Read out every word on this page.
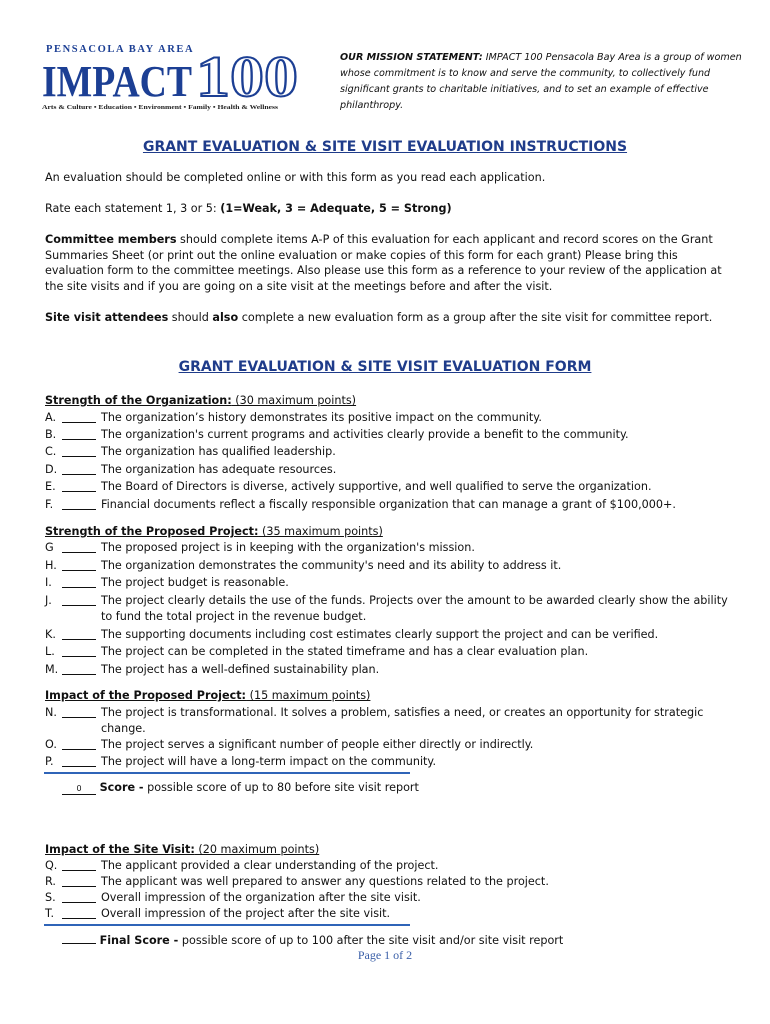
PENSACOLA BAY AREA
IMPACT 100
Arts & Culture • Education • Environment • Family • Health & Wellness
OUR MISSION STATEMENT: IMPACT 100 Pensacola Bay Area is a group of women whose commitment is to know and serve the community, to collectively fund significant grants to charitable initiatives, and to set an example of effective philanthropy.
GRANT EVALUATION & SITE VISIT EVALUATION INSTRUCTIONS
An evaluation should be completed online or with this form as you read each application.
Rate each statement 1, 3 or 5: (1=Weak, 3 = Adequate, 5 = Strong)
Committee members should complete items A-P of this evaluation for each applicant and record scores on the Grant Summaries Sheet (or print out the online evaluation or make copies of this form for each grant) Please bring this evaluation form to the committee meetings. Also please use this form as a reference to your review of the application at the site visits and if you are going on a site visit at the meetings before and after the visit.
Site visit attendees should also complete a new evaluation form as a group after the site visit for committee report.
GRANT EVALUATION & SITE VISIT EVALUATION FORM
Strength of the Organization: (30 maximum points)
A.	The organization’s history demonstrates its positive impact on the community.
B.	The organization's current programs and activities clearly provide a benefit to the community.
C.	The organization has qualified leadership.
D.	The organization has adequate resources.
E.	The Board of Directors is diverse, actively supportive, and well qualified to serve the organization.
F.	Financial documents reflect a fiscally responsible organization that can manage a grant of $100,000+.
Strength of the Proposed Project: (35 maximum points)
G	The proposed project is in keeping with the organization's mission.
H.	The organization demonstrates the community's need and its ability to address it.
I.	The project budget is reasonable.
J.	The project clearly details the use of the funds. Projects over the amount to be awarded clearly show the ability to fund the total project in the revenue budget.
K.	The supporting documents including cost estimates clearly support the project and can be verified.
L.	The project can be completed in the stated timeframe and has a clear evaluation plan.
M.	The project has a well-defined sustainability plan.
Impact of the Proposed Project: (15 maximum points)
N.	The project is transformational. It solves a problem, satisfies a need, or creates an opportunity for strategic change.
O.	The project serves a significant number of people either directly or indirectly.
P.	The project will have a long-term impact on the community.
0 Score - possible score of up to 80 before site visit report
Impact of the Site Visit: (20 maximum points)
Q.	The applicant provided a clear understanding of the project.
R.	The applicant was well prepared to answer any questions related to the project.
S.	Overall impression of the organization after the site visit.
T.	Overall impression of the project after the site visit.
Final Score - possible score of up to 100 after the site visit and/or site visit report
Page 1 of 2
